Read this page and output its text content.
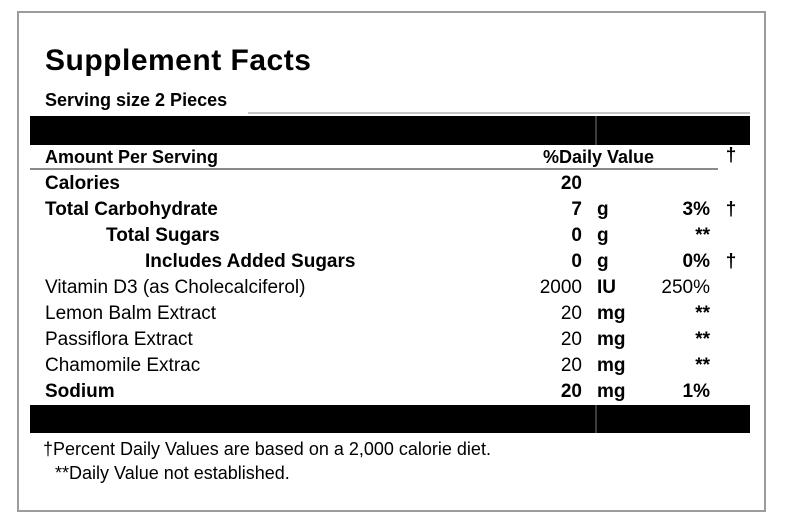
Supplement Facts
Serving size 2 Pieces
Amount Per Serving	%Daily Value	†
Calories	20
Total Carbohydrate	7 g	3% †
Total Sugars	0 g	**
Includes Added Sugars	0 g	0% †
Vitamin D3 (as Cholecalciferol)	2000 IU	250%
Lemon Balm Extract	20 mg	**
Passiflora Extract	20 mg	**
Chamomile Extrac	20 mg	**
Sodium	20 mg	1%
†Percent Daily Values are based on a 2,000 calorie diet.
**Daily Value not established.
